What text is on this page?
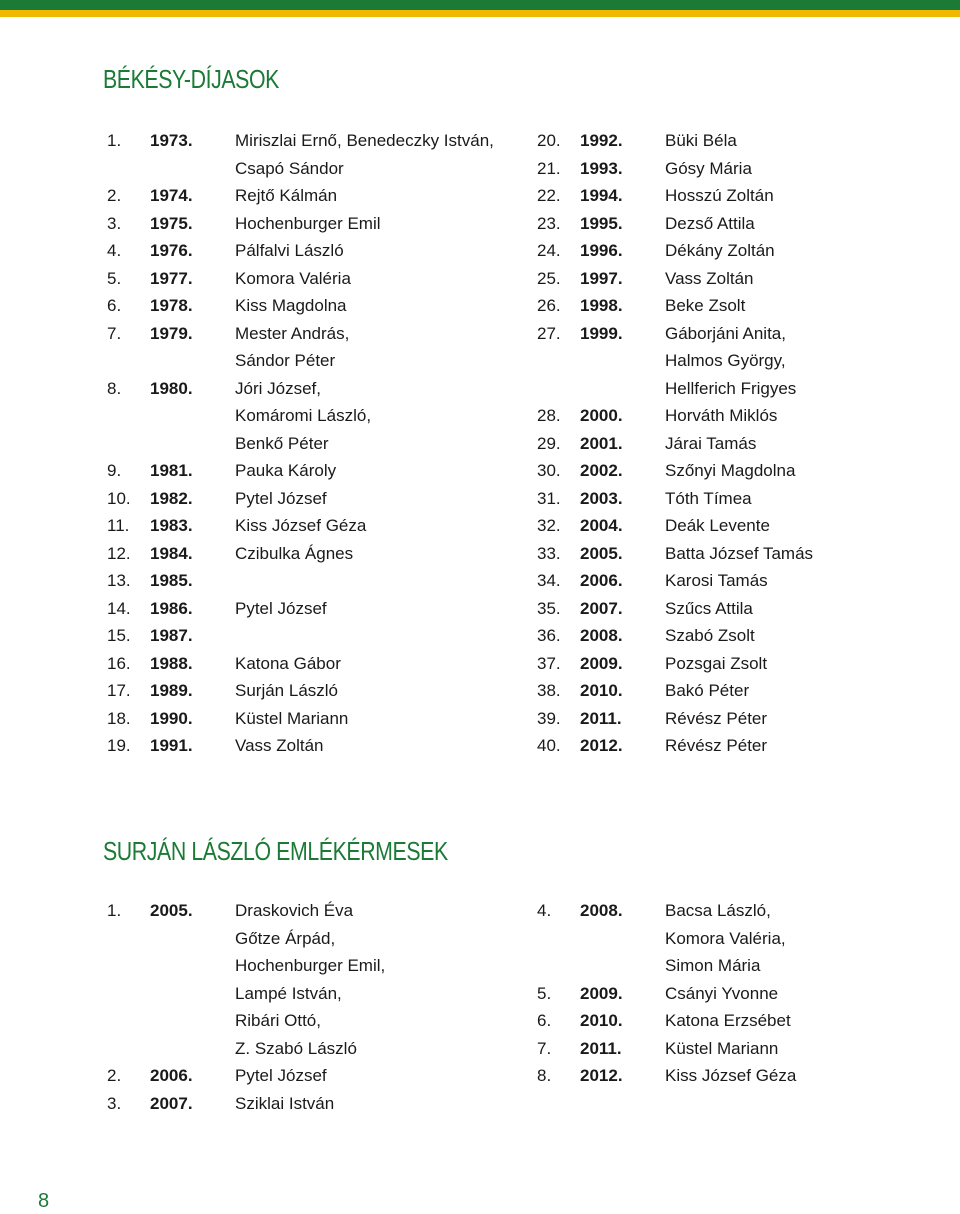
BÉKÉSY-DÍJASOK
1.	1973.	Miriszlai Ernő, Benedeczky István,
Csapó Sándor
2.	1974.	Rejtő Kálmán
3.	1975.	Hochenburger Emil
4.	1976.	Pálfalvi László
5.	1977.	Komora Valéria
6.	1978.	Kiss Magdolna
7.	1979.	Mester András,
Sándor Péter
8.	1980.	Jóri József,
Komáromi László,
Benkő Péter
9.	1981.	Pauka Károly
10.	1982.	Pytel József
11.	1983.	Kiss József Géza
12.	1984.	Czibulka Ágnes
13.	1985.

14.	1986.	Pytel József
15.	1987.

16.	1988.	Katona Gábor
17.	1989.	Surján László
18.	1990.	Küstel Mariann
19.	1991.	Vass Zoltán
20.	1992.	Büki Béla
21.	1993.	Gósy Mária
22.	1994.	Hosszú Zoltán
23.	1995.	Dezső Attila
24.	1996.	Dékány Zoltán
25.	1997.	Vass Zoltán
26.	1998.	Beke Zsolt
27.	1999.	Gáborjáni Anita,
Halmos György,
Hellferich Frigyes
28.	2000.	Horváth Miklós
29.	2001.	Járai Tamás
30.	2002.	Szőnyi Magdolna
31.	2003.	Tóth Tímea
32.	2004.	Deák Levente
33.	2005.	Batta József Tamás
34.	2006.	Karosi Tamás
35.	2007.	Szűcs Attila
36.	2008.	Szabó Zsolt
37.	2009.	Pozsgai Zsolt
38.	2010.	Bakó Péter
39.	2011.	Révész Péter
40.	2012.	Révész Péter
SURJÁN LÁSZLÓ EMLÉKÉRMESEK
1.	2005.	Draskovich Éva
Gőtze Árpád,
Hochenburger Emil,
Lampé István,
Ribári Ottó,
Z. Szabó László
2.	2006.	Pytel József
3.	2007.	Sziklai István
4.	2008.	Bacsa László,
Komora Valéria,
Simon Mária
5.	2009.	Csányi Yvonne
6.	2010.	Katona Erzsébet
7.	2011.	Küstel Mariann
8.	2012.	Kiss József Géza
8
